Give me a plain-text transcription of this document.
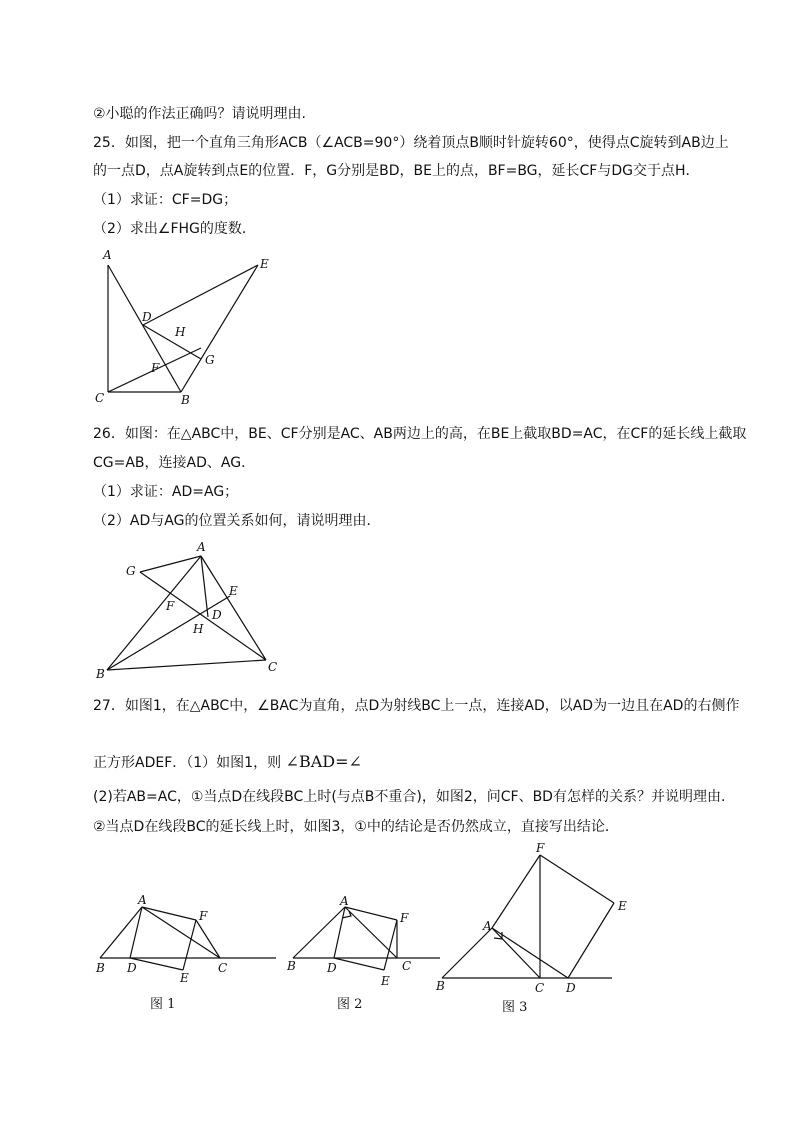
②小聪的作法正确吗？请说明理由.
25．如图，把一个直角三角形ACB（∠ACB=90°）绕着顶点B顺时针旋转60°，使得点C旋转到AB边上
的一点D，点A旋转到点E的位置．F，G分别是BD，BE上的点，BF=BG，延长CF与DG交于点H．
（1）求证：CF=DG；
（2）求出∠FHG的度数．
A
E
D
H
G
F
C	B
26．如图：在△ABC中，BE、CF分别是AC、AB两边上的高，在BE上截取BD=AC，在CF的延长线上截取
CG=AB，连接AD、AG．
（1）求证：AD=AG；
（2）AD与AG的位置关系如何，请说明理由．
A
G
E
F
D
H
B	C
27．如图1，在△ABC中，∠BAC为直角，点D为射线BC上一点，连接AD，以AD为一边且在AD的右侧作
正方形ADEF．（1）如图1，则 ∠BAD=∠
(2)若AB=AC，①当点D在线段BC上时(与点B不重合)，如图2，问CF、BD有怎样的关系？并说明理由．
②当点D在线段BC的延长线上时，如图3，①中的结论是否仍然成立，直接写出结论．
A
F
B D
E
C
图 1
A
F
B	D
E
C
图 2
F
E
A
B	C D
图 3
